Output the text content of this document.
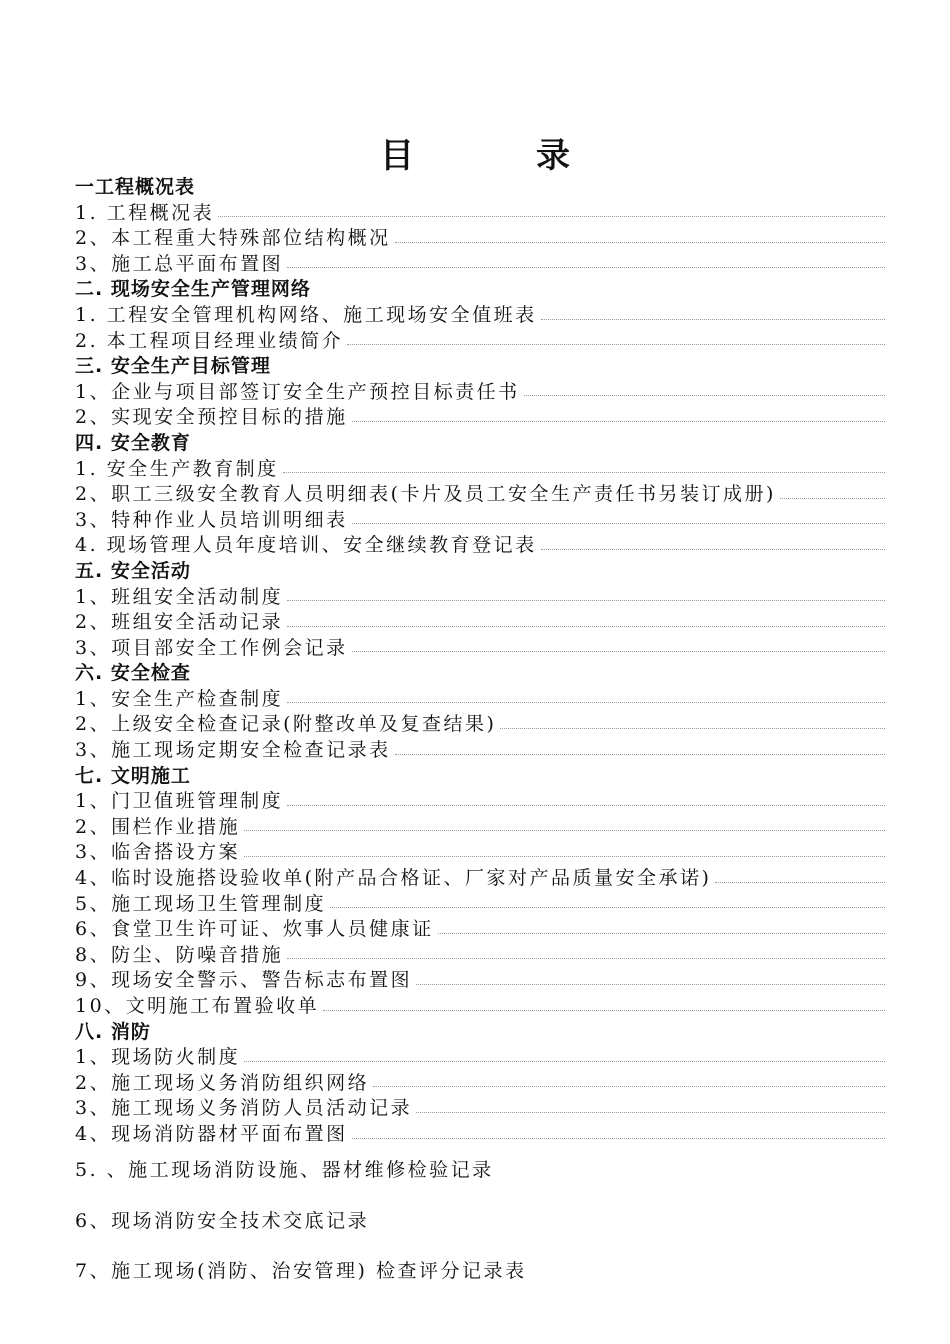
目　录
一工程概况表
1. 工程概况表
2、本工程重大特殊部位结构概况
3、施工总平面布置图
二. 现场安全生产管理网络
1. 工程安全管理机构网络、施工现场安全值班表
2. 本工程项目经理业绩简介
三. 安全生产目标管理
1、企业与项目部签订安全生产预控目标责任书
2、实现安全预控目标的措施
四. 安全教育
1. 安全生产教育制度
2、职工三级安全教育人员明细表(卡片及员工安全生产责任书另装订成册)
3、特种作业人员培训明细表
4. 现场管理人员年度培训、安全继续教育登记表
五. 安全活动
1、班组安全活动制度
2、班组安全活动记录
3、项目部安全工作例会记录
六. 安全检查
1、安全生产检查制度
2、上级安全检查记录(附整改单及复查结果)
3、施工现场定期安全检查记录表
七. 文明施工
1、门卫值班管理制度
2、围栏作业措施
3、临舍搭设方案
4、临时设施搭设验收单(附产品合格证、厂家对产品质量安全承诺)
5、施工现场卫生管理制度
6、食堂卫生许可证、炊事人员健康证
8、防尘、防噪音措施
9、现场安全警示、警告标志布置图
10、文明施工布置验收单
八. 消防
1、现场防火制度
2、施工现场义务消防组织网络
3、施工现场义务消防人员活动记录
4、现场消防器材平面布置图
5. 、施工现场消防设施、器材维修检验记录
6、现场消防安全技术交底记录
7、施工现场(消防、治安管理) 检查评分记录表
